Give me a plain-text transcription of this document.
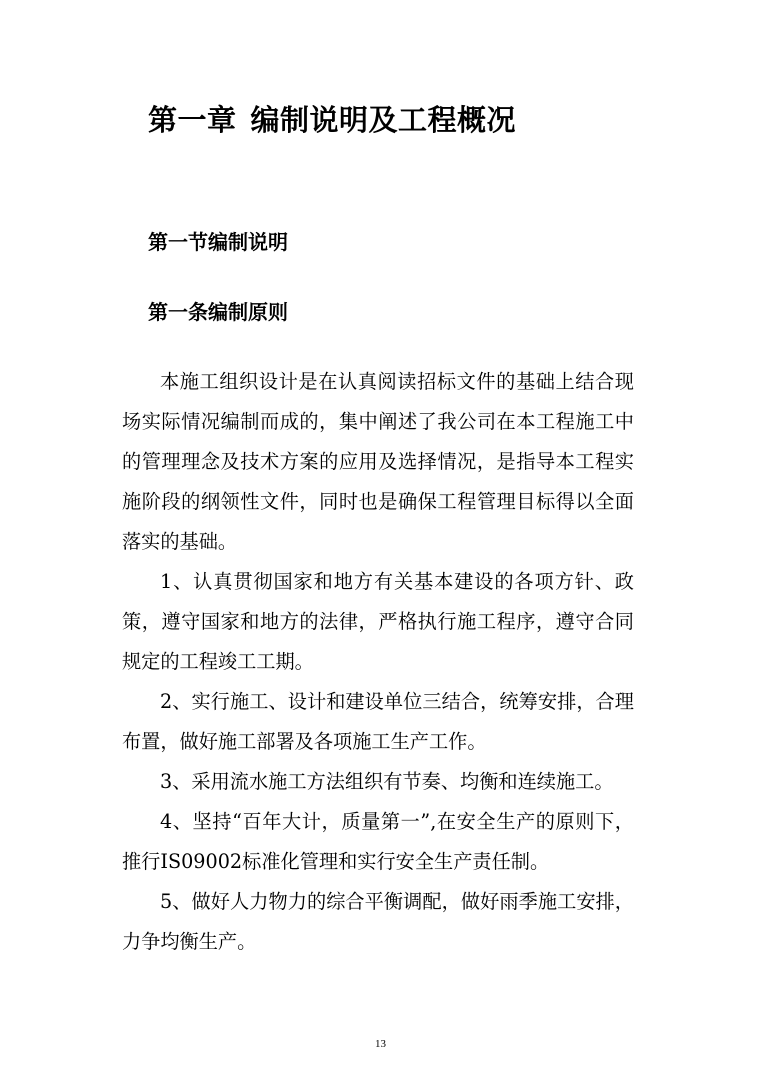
第一章 编制说明及工程概况
第一节编制说明
第一条编制原则

本施工组织设计是在认真阅读招标文件的基础上结合现场实际情况编制而成的，集中阐述了我公司在本工程施工中的管理理念及技术方案的应用及选择情况，是指导本工程实施阶段的纲领性文件，同时也是确保工程管理目标得以全面落实的基础。

1、认真贯彻国家和地方有关基本建设的各项方针、政策，遵守国家和地方的法律，严格执行施工程序，遵守合同规定的工程竣工工期。

2、实行施工、设计和建设单位三结合，统筹安排，合理布置，做好施工部署及各项施工生产工作。

3、采用流水施工方法组织有节奏、均衡和连续施工。

4、坚持“百年大计，质量第一”,在安全生产的原则下，推行IS09002标准化管理和实行安全生产责任制。

5、做好人力物力的综合平衡调配，做好雨季施工安排，力争均衡生产。

13
